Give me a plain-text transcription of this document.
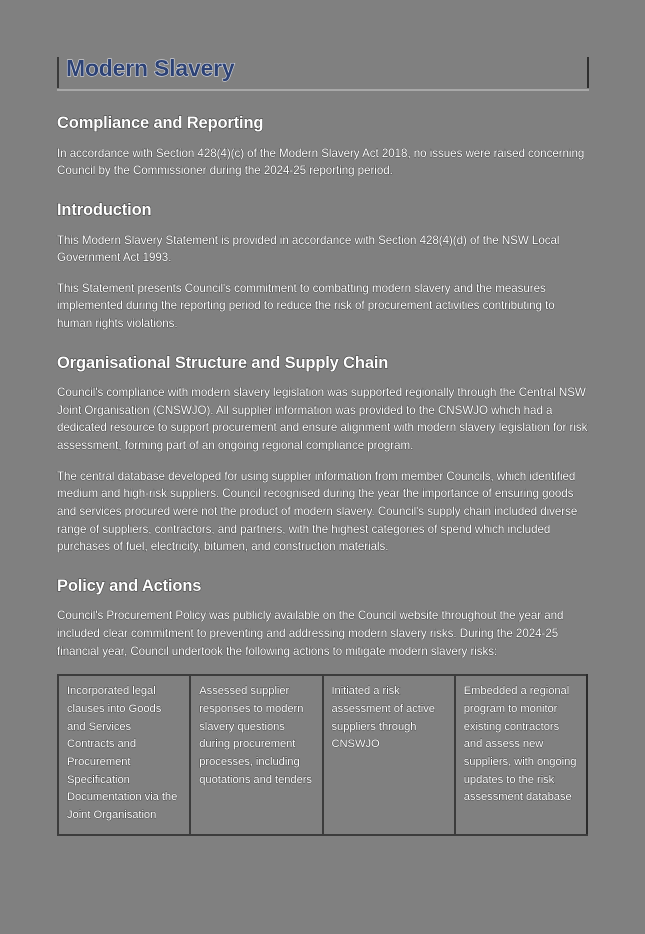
Modern Slavery
Compliance and Reporting

In accordance with Section 428(4)(c) of the Modern Slavery Act 2018, no issues were raised concerning Council by the Commissioner during the 2024-25 reporting period.

Introduction

This Modern Slavery Statement is provided in accordance with Section 428(4)(d) of the NSW Local Government Act 1993.

This Statement presents Council's commitment to combatting modern slavery and the measures implemented during the reporting period to reduce the risk of procurement activities contributing to human rights violations.

Organisational Structure and Supply Chain

Council's compliance with modern slavery legislation was supported regionally through the Central NSW Joint Organisation (CNSWJO). All supplier information was provided to the CNSWJO which had a dedicated resource to support procurement and ensure alignment with modern slavery legislation for risk assessment, forming part of an ongoing regional compliance program.

The central database developed for using supplier information from member Councils, which identified medium and high-risk suppliers. Council recognised during the year the importance of ensuring goods and services procured were not the product of modern slavery. Council's supply chain included diverse range of suppliers, contractors, and partners, with the highest categories of spend which included purchases of fuel, electricity, bitumen, and construction materials.

Policy and Actions

Council's Procurement Policy was publicly available on the Council website throughout the year and included clear commitment to preventing and addressing modern slavery risks. During the 2024-25 financial year, Council undertook the following actions to mitigate modern slavery risks:

Incorporated legal clauses into Goods and Services Contracts and Procurement Specification Documentation via the Joint Organisation

Assessed supplier responses to modern slavery questions during procurement processes, including quotations and tenders

Initiated a risk assessment of active suppliers through CNSWJO

Embedded a regional program to monitor existing contractors and assess new suppliers, with ongoing updates to the risk assessment database
